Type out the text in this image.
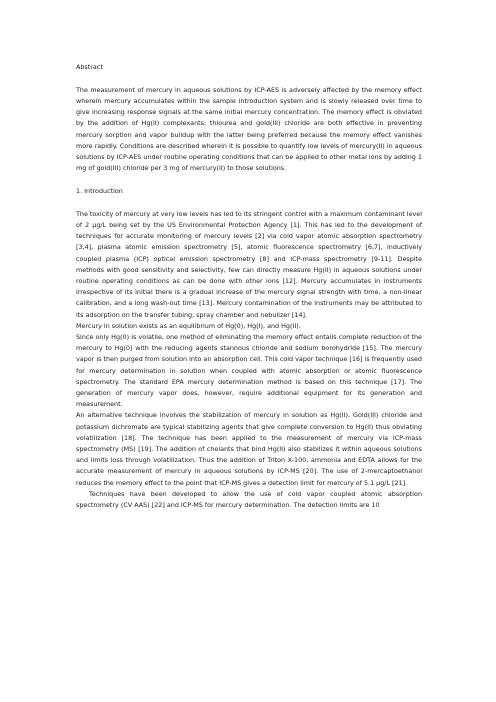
Abstract

The measurement of mercury in aqueous solutions by ICP-AES is adversely affected by the memory effect wherein mercury accumulates within the sample introduction system and is slowly released over time to give increasing response signals at the same initial mercury concentration. The memory effect is obviated by the addition of Hg(II) complexants: thiourea and gold(III) chloride are both effective in preventing mercury sorption and vapor buildup with the latter being preferred because the memory effect vanishes more rapidly. Conditions are described wherein it is possible to quantify low levels of mercury(II) in aqueous solutions by ICP-AES under routine operating conditions that can be applied to other metal ions by adding 1 mg of gold(III) chloride per 3 mg of mercury(II) to those solutions.

1. Introduction

The toxicity of mercury at very low levels has led to its stringent control with a maximum contaminant level of 2 μg/L being set by the US Environmental Protection Agency [1]. This has led to the development of techniques for accurate monitoring of mercury levels [2] via cold vapor atomic absorption spectrometry [3,4], plasma atomic emission spectrometry [5], atomic fluorescence spectrometry [6,7], inductively coupled plasma (ICP) optical emission spectrometry [8] and ICP-mass spectrometry [9-11]. Despite methods with good sensitivity and selectivity, few can directly measure Hg(II) in aqueous solutions under routine operating conditions as can be done with other ions [12]. Mercury accumulates in instruments irrespective of its initial there is a gradual increase of the mercury signal strength with time, a non-linear calibration, and a long wash-out time [13]. Mercury contamination of the instruments may be attributed to its adsorption on the transfer tubing, spray chamber and nebulizer [14].

Mercury in solution exists as an equilibrium of Hg(0), Hg(I), and Hg(II).

Since only Hg(0) is volatile, one method of eliminating the memory effect entails complete reduction of the mercury to Hg(0) with the reducing agents stannous chloride and sodium borohydride [15]. The mercury vapor is then purged from solution into an absorption cell. This cold vapor technique [16] is frequently used for mercury determination in solution when coupled with atomic absorption or atomic fluorescence spectrometry. The standard EPA mercury determination method is based on this technique [17]. The generation of mercury vapor does, however, require additional equipment for its generation and measurement.

An alternative technique involves the stabilization of mercury in solution as Hg(II). Gold(III) chloride and potassium dichromate are typical stabilizing agents that give complete conversion to Hg(II) thus obviating volatilization [18]. The technique has been applied to the measurement of mercury via ICP-mass spectrometry (MS) [19]. The addition of chelants that bind Hg(II) also stabilizes it within aqueous solutions and limits loss through volatilization. Thus the addition of Triton X-100, ammonia and EDTA allows for the accurate measurement of mercury in aqueous solutions by ICP-MS [20]. The use of 2-mercaptoethanol reduces the memory effect to the point that ICP-MS gives a detection limit for mercury of 5.1 μg/L [21].

Techniques have been developed to allow the use of cold vapor coupled atomic absorption spectrometry (CV AAS) [22] and ICP-MS for mercury determination. The detection limits are 10
